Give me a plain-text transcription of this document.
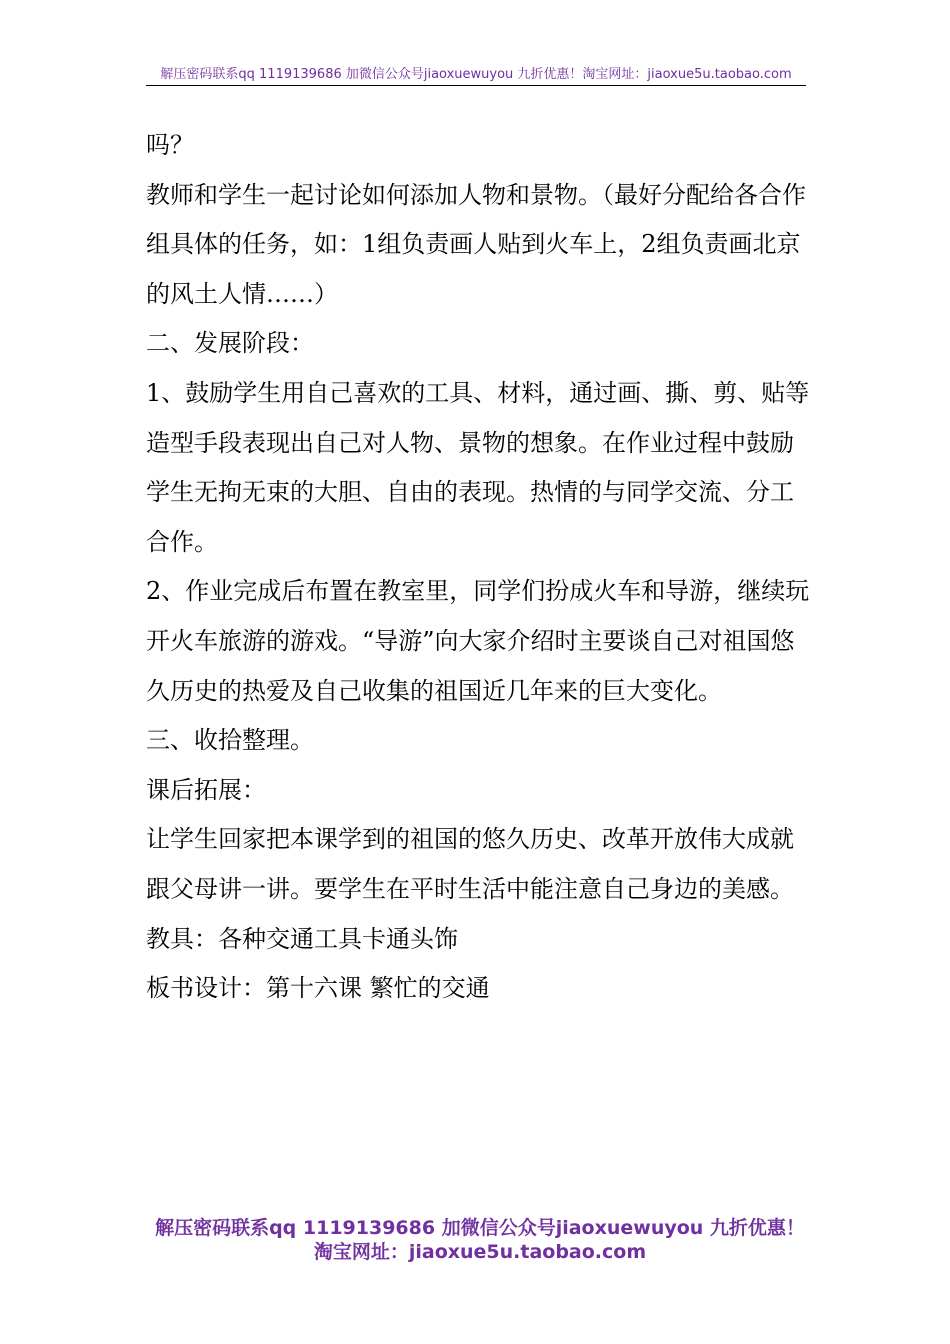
解压密码联系qq 1119139686 加微信公众号jiaoxuewuyou 九折优惠！淘宝网址：jiaoxue5u.taobao.com

吗？

教师和学生一起讨论如何添加人物和景物。（最好分配给各合作组具体的任务，如：1组负责画人贴到火车上，2组负责画北京的风土人情……）

二、发展阶段：

1、鼓励学生用自己喜欢的工具、材料，通过画、撕、剪、贴等造型手段表现出自己对人物、景物的想象。在作业过程中鼓励学生无拘无束的大胆、自由的表现。热情的与同学交流、分工合作。

2、作业完成后布置在教室里，同学们扮成火车和导游，继续玩开火车旅游的游戏。“导游”向大家介绍时主要谈自己对祖国悠久历史的热爱及自己收集的祖国近几年来的巨大变化。

三、收拾整理。

课后拓展：

让学生回家把本课学到的祖国的悠久历史、改革开放伟大成就跟父母讲一讲。要学生在平时生活中能注意自己身边的美感。

教具：各种交通工具卡通头饰

板书设计：第十六课 繁忙的交通

解压密码联系qq 1119139686 加微信公众号jiaoxuewuyou 九折优惠！
淘宝网址：jiaoxue5u.taobao.com
